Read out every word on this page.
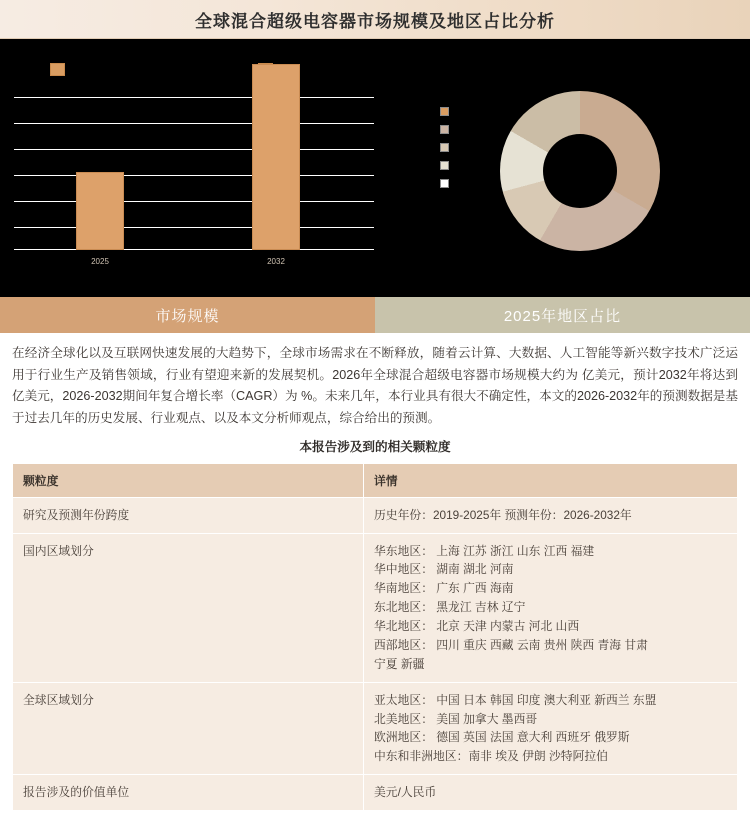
全球混合超级电容器市场规模及地区占比分析
2025	2032
市场规模	2025年地区占比
在经济全球化以及互联网快速发展的大趋势下，全球市场需求在不断释放，随着云计算、大数据、人工智能等新兴数字技术广泛运用于行业生产及销售领域，行业有望迎来新的发展契机。2026年全球混合超级电容器市场规模大约为 亿美元，预计2032年将达到 亿美元，2026-2032期间年复合增长率（CAGR）为 %。未来几年，本行业具有很大不确定性，本文的2026-2032年的预测数据是基于过去几年的历史发展、行业观点、以及本文分析师观点，综合给出的预测。
本报告涉及到的相关颗粒度
颗粒度	详情
研究及预测年份跨度	历史年份：2019-2025年 预测年份：2026-2032年

国内区域划分	华东地区： 上海 江苏 浙江 山东 江西 福建
华中地区： 湖南 湖北 河南
华南地区： 广东 广西 海南
东北地区： 黑龙江 吉林 辽宁
华北地区： 北京 天津 内蒙古 河北 山西
西部地区： 四川 重庆 西藏 云南 贵州 陕西 青海 甘肃
宁夏 新疆

全球区域划分	亚太地区： 中国 日本 韩国 印度 澳大利亚 新西兰 东盟
北美地区： 美国 加拿大 墨西哥
欧洲地区： 德国 英国 法国 意大利 西班牙 俄罗斯
中东和非洲地区：南非 埃及 伊朗 沙特阿拉伯

报告涉及的价值单位	美元/人民币
